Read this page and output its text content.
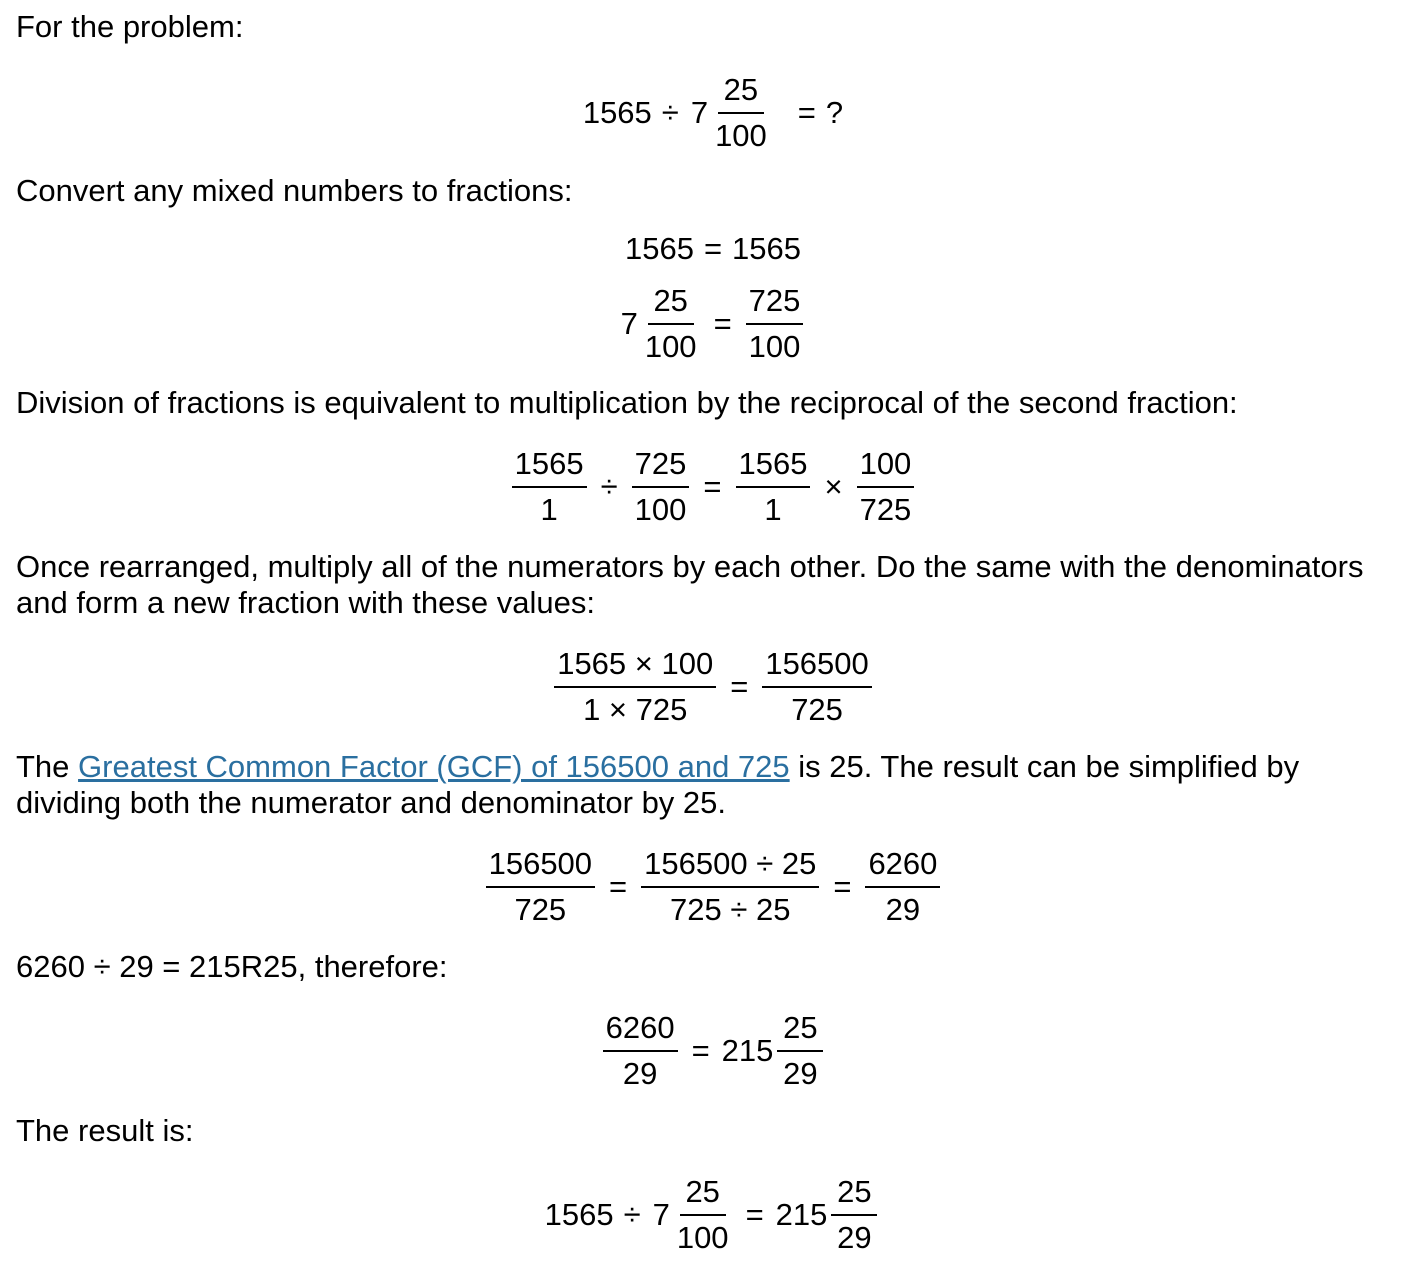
For the problem:

$1565 \div 7 \frac{25}{100}$ = ?

Convert any mixed numbers to fractions:

1565 = 1565
$7 \frac{25}{100} = \frac{725}{100}$

Division of fractions is equivalent to multiplication by the reciprocal of the second fraction:

$\frac{1565}{1} \div \frac{725}{100} = \frac{1565}{1} \times \frac{100}{725}$

Once rearranged, multiply all of the numerators by each other. Do the same with the denominators

and form a new fraction with these values:

$\frac{1565 \times 100}{1 \times 725} = \frac{156500}{725}$

The Greatest Common Factor (GCF) of 156500 and 725 is 25. The result can be simplified by

dividing both the numerator and denominator by 25.

$\frac{156500}{725} = \frac{156500 \div 25}{725 \div 25} = \frac{6260}{29}$

6260 ÷ 29 = 215R25, therefore:

$\frac{6260}{29} = 215 \frac{25}{29}$

The result is:

$1565 \div 7 \frac{25}{100} = 215 \frac{25}{29}$
